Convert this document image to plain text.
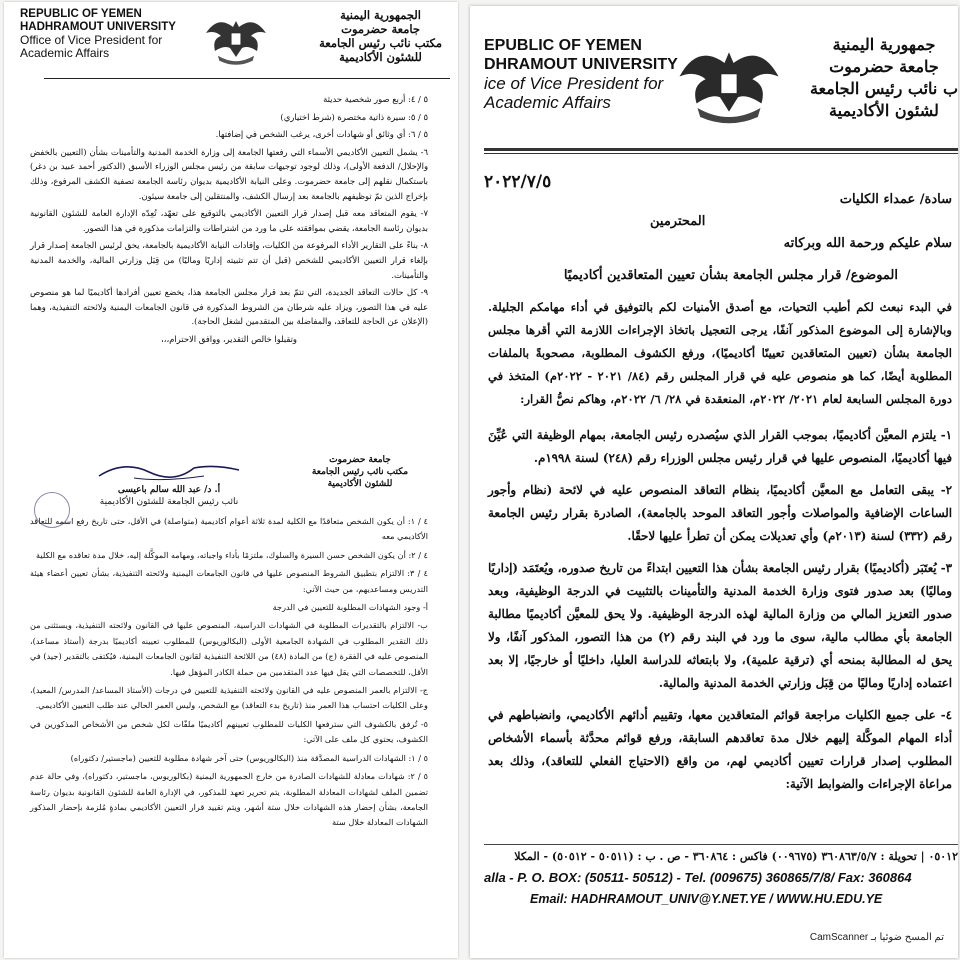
REPUBLIC OF YEMEN
HADHRAMOUT UNIVERSITY
Office of Vice President for
Academic Affairs
الجمهورية اليمنية
جامعة حضرموت
مكتب نائب رئيس الجامعة
للشئون الأكاديمية

٥ / ٤: أربع صور شخصية حديثة

٥ / ٥: سيرة ذاتية مختصرة (شرط اختياري)

٥ / ٦: أي وثائق أو شهادات أخرى، يرغب الشخص في إضافتها.

٦- يشمل التعيين الأكاديمي الأسماء التي رفعتها الجامعة إلى وزارة الخدمة المدنية والتأمينات بشأن (التعيين بالخفض والإحلال/ الدفعة الأولى)، وذلك لوجود توجيهات سابقة من رئيس مجلس الوزراء الأسبق (الدكتور أحمد عبيد بن دغر) باستكمال نقلهم إلى جامعة حضرموت. وعلى النيابة الأكاديمية بديوان رئاسة الجامعة تصفية الكشف المرفوع، وذلك بإخراج الذين تمّ توظيفهم بالجامعة بعد إرسال الكشف، والمنتقلين إلى جامعة سيئون.

٧- يقوم المتعاقد معه قبل إصدار قرار التعيين الأكاديمي بالتوقيع على تعهّد، تُعِدّه الإدارة العامة للشئون القانونية بديوان رئاسة الجامعة، يقضي بموافقته على ما ورد من اشتراطات والتزامات مذكورة في هذا التصور.

٨- بناءً على التقارير الأداء المرفوعة من الكليات، وإفادات النيابة الأكاديمية بالجامعة، يحق لرئيس الجامعة إصدار قرار بإلغاء قرار التعيين الأكاديمي للشخص (قبل أن تتم تثبيته إداريًا وماليًا) من قِبَل وزارتي المالية، والخدمة المدنية والتأمينات.

٩- كل حالات التعاقد الجديدة، التي تتمّ بعد قرار مجلس الجامعة هذا، يخضع تعيين أفرادها أكاديميًا لما هو منصوص عليه في هذا التصور، ويزاد عليه شرطان من الشروط المذكورة في قانون الجامعات اليمنية ولائحته التنفيذية، وهما (الإعلان عن الحاجة للتعاقد، والمفاضلة بين المتقدمين لشغل الحاجة).

وتقبلوا خالص التقدير، ووافق الاحترام،،،

أ. د/ عبد الله سالم باعيسى
نائب رئيس الجامعة للشئون الأكاديمية
جامعة حضرموت
مكتب نائب رئيس الجامعة
للشئون الأكاديمية

٤ / ١: أن يكون الشخص متعاقدًا مع الكلية لمدة ثلاثة أعوام أكاديمية (متواصلة) في الأقل، حتى تاريخ رفع اسمه للتعاقد الأكاديمي معه

٤ / ٢: أن يكون الشخص حسن السيرة والسلوك، ملتزمًا بأداء واجباته، ومهامه الموكَّلة إليه، خلال مدة تعاقده مع الكلية

٤ / ٣: الالتزام بتطبيق الشروط المنصوص عليها في قانون الجامعات اليمنية ولائحته التنفيذية، بشأن تعيين أعضاء هيئة التدريس ومساعديهم، من حيث الآتي:

أ- وجود الشهادات المطلوبة للتعيين في الدرجة

ب- الالتزام بالتقديرات المطلوبة في الشهادات الدراسية، المنصوص عليها في القانون ولائحته التنفيذية، ويستثنى من ذلك التقدير المطلوب في الشهادة الجامعية الأولى (البكالوريوس) للمطلوب تعيينه أكاديميًا بدرجة (أستاذ مساعد)، المنصوص عليه في الفقرة (ج) من المادة (٤٨) من اللائحة التنفيذية لقانون الجامعات اليمنية، فيُكتفى بالتقدير (جيد) في الأقل، للتخصصات التي يقل فيها عدد المتقدمين من حملة الكادر المؤهل فيها.

ج- الالتزام بالعمر المنصوص عليه في القانون ولائحته التنفيذية للتعيين في درجات (الأستاذ المساعد/ المدرس/ المعيد)، وعلى الكليات احتساب هذا العمر منذ (تاريخ بدء التعاقد) مع الشخص، وليس العمر الحالي عند طلب التعيين الأكاديمي.

٥- تُرفق بالكشوف التي سترفعها الكليات للمطلوب تعيينهم أكاديميًا ملفّات لكل شخص من الأشخاص المذكورين في الكشوف، يحتوي كل ملف على الآتي:

٥ / ١: الشهادات الدراسية المصدَّقة منذ (البكالوريوس) حتى آخر شهادة مطلوبة للتعيين (ماجستير/ دكتوراه)

٥ / ٢: شهادات معادلة للشهادات الصادرة من خارج الجمهورية اليمنية (بكالوريوس، ماجستير، دكتوراه)، وفي حالة عدم تضمين الملف لشهادات المعادلة المطلوبة، يتم تحرير تعهد للمذكور، في الإدارة العامة للشئون القانونية بديوان رئاسة الجامعة، بشأن إحضار هذه الشهادات خلال ستة أشهر، ويتم تقييد قرار التعيين الأكاديمي بمادةٍ مُلزمة بإحضار المذكور الشهادات المعادلة خلال ستة

EPUBLIC OF YEMEN
DHRAMOUT UNIVERSITY
ice of Vice President for
Academic Affairs
جمهورية اليمنية
جامعة حضرموت
ب نائب رئيس الجامعة
لشئون الأكاديمية
٢٠٢٢/٧/٥
سادة/ عمداء الكليات
المحترمين
سلام عليكم ورحمة الله وبركاته
الموضوع/ قرار مجلس الجامعة بشأن تعيين المتعاقدين أكاديميًا
في البدء نبعث لكم أطيب التحيات، مع أصدق الأمنيات لكم بالتوفيق في أداء مهامكم الجليلة. وبالإشارة إلى الموضوع المذكور آنفًا، يرجى التعجيل باتخاذ الإجراءات اللازمة التي أقرها مجلس الجامعة بشأن (تعيين المتعاقدين تعيينًا أكاديميًا)، ورفع الكشوف المطلوبة، مصحوبةً بالملفات المطلوبة أيضًا، كما هو منصوص عليه في قرار المجلس رقم (٨٤/ ٢٠٢١ - ٢٠٢٢م) المتخذ في دورة المجلس السابعة لعام ٢٠٢١/ ٢٠٢٢م، المنعقدة في ٢٨/ ٦/ ٢٠٢٢م، وهاكم نصُّ القرار:

١- يلتزم المعيَّن أكاديميًا، بموجب القرار الذي سيُصدره رئيس الجامعة، بمهام الوظيفة التي عُيِّنَ فيها أكاديميًا، المنصوص عليها في قرار رئيس مجلس الوزراء رقم (٢٤٨) لسنة ١٩٩٨م.

٢- يبقى التعامل مع المعيَّن أكاديميًا، بنظام التعاقد المنصوص عليه في لائحة (نظام وأجور الساعات الإضافية والمواصلات وأجور التعاقد الموحد بالجامعة)، الصادرة بقرار رئيس الجامعة رقم (٣٣٢) لسنة (٢٠١٣م) وأي تعديلات يمكن أن تطرأ عليها لاحقًا.

٣- يُعتَبَر (أكاديميًا) بقرار رئيس الجامعة بشأن هذا التعيين ابتداءً من تاريخ صدوره، ويُعتَمَد (إداريًا وماليًا) بعد صدور فتوى وزارة الخدمة المدنية والتأمينات بالتثبيت في الدرجة الوظيفية، وبعد صدور التعزيز المالي من وزارة المالية لهذه الدرجة الوظيفية. ولا يحق للمعيَّن أكاديميًا مطالبة الجامعة بأي مطالب مالية، سوى ما ورد في البند رقم (٢) من هذا التصور، المذكور آنفًا، ولا يحق له المطالبة بمنحه أي (ترقية علمية)، ولا بابتعاثه للدراسة العليا، داخليًا أو خارجيًا، إلا بعد اعتماده إداريًا وماليًا من قِبَل وزارتي الخدمة المدنية والمالية.

٤- على جميع الكليات مراجعة قوائم المتعاقدين معها، وتقييم أدائهم الأكاديمي، وانضباطهم في أداء المهام الموكَّلة إليهم خلال مدة تعاقدهم السابقة، ورفع قوائم محدَّثة بأسماء الأشخاص المطلوب إصدار قرارات تعيين أكاديمي لهم، من واقع (الاحتياج الفعلي للتعاقد)، وذلك بعد مراعاة الإجراءات والضوابط الآتية:

٠٥٠١٢ | تحويلة : ٣٦٠٨٦٣/٥/٧ (٠٠٩٦٧٥) فاكس : ٣٦٠٨٦٤ - ص . ب : (٥٠٥١١ - ٥٠٥١٢) - المكلا
alla - P. O. BOX: (50511- 50512) - Tel. (009675) 360865/7/8/ Fax: 360864
Email: HADHRAMOUT_UNIV@Y.NET.YE / WWW.HU.EDU.YE
CamScanner تم المسح ضوئيا بـ
